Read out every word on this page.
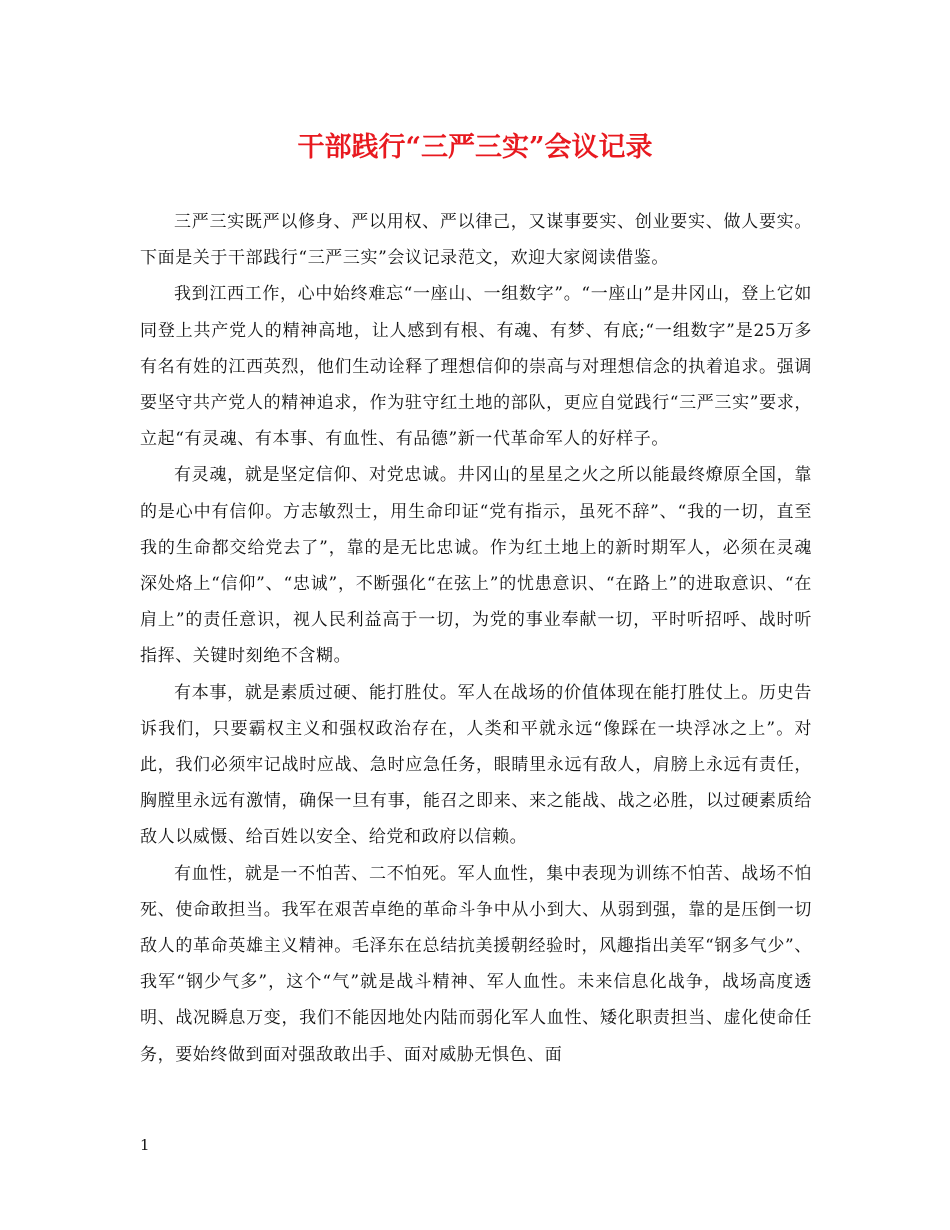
干部践行“三严三实”会议记录

三严三实既严以修身、严以用权、严以律己，又谋事要实、创业要实、做人要实。下面是关于干部践行“三严三实”会议记录范文，欢迎大家阅读借鉴。

我到江西工作，心中始终难忘“一座山、一组数字”。“一座山”是井冈山，登上它如同登上共产党人的精神高地，让人感到有根、有魂、有梦、有底;“一组数字”是25万多有名有姓的江西英烈，他们生动诠释了理想信仰的崇高与对理想信念的执着追求。强调要坚守共产党人的精神追求，作为驻守红土地的部队，更应自觉践行“三严三实”要求，立起“有灵魂、有本事、有血性、有品德”新一代革命军人的好样子。

有灵魂，就是坚定信仰、对党忠诚。井冈山的星星之火之所以能最终燎原全国，靠的是心中有信仰。方志敏烈士，用生命印证“党有指示，虽死不辞”、“我的一切，直至我的生命都交给党去了”，靠的是无比忠诚。作为红土地上的新时期军人，必须在灵魂深处烙上“信仰”、“忠诚”，不断强化“在弦上”的忧患意识、“在路上”的进取意识、“在肩上”的责任意识，视人民利益高于一切，为党的事业奉献一切，平时听招呼、战时听指挥、关键时刻绝不含糊。

有本事，就是素质过硬、能打胜仗。军人在战场的价值体现在能打胜仗上。历史告诉我们，只要霸权主义和强权政治存在，人类和平就永远“像踩在一块浮冰之上”。对此，我们必须牢记战时应战、急时应急任务，眼睛里永远有敌人，肩膀上永远有责任，胸膛里永远有激情，确保一旦有事，能召之即来、来之能战、战之必胜，以过硬素质给敌人以威慑、给百姓以安全、给党和政府以信赖。

有血性，就是一不怕苦、二不怕死。军人血性，集中表现为训练不怕苦、战场不怕死、使命敢担当。我军在艰苦卓绝的革命斗争中从小到大、从弱到强，靠的是压倒一切敌人的革命英雄主义精神。毛泽东在总结抗美援朝经验时，风趣指出美军“钢多气少”、我军“钢少气多”，这个“气”就是战斗精神、军人血性。未来信息化战争，战场高度透明、战况瞬息万变，我们不能因地处内陆而弱化军人血性、矮化职责担当、虚化使命任务，要始终做到面对强敌敢出手、面对威胁无惧色、面

1
